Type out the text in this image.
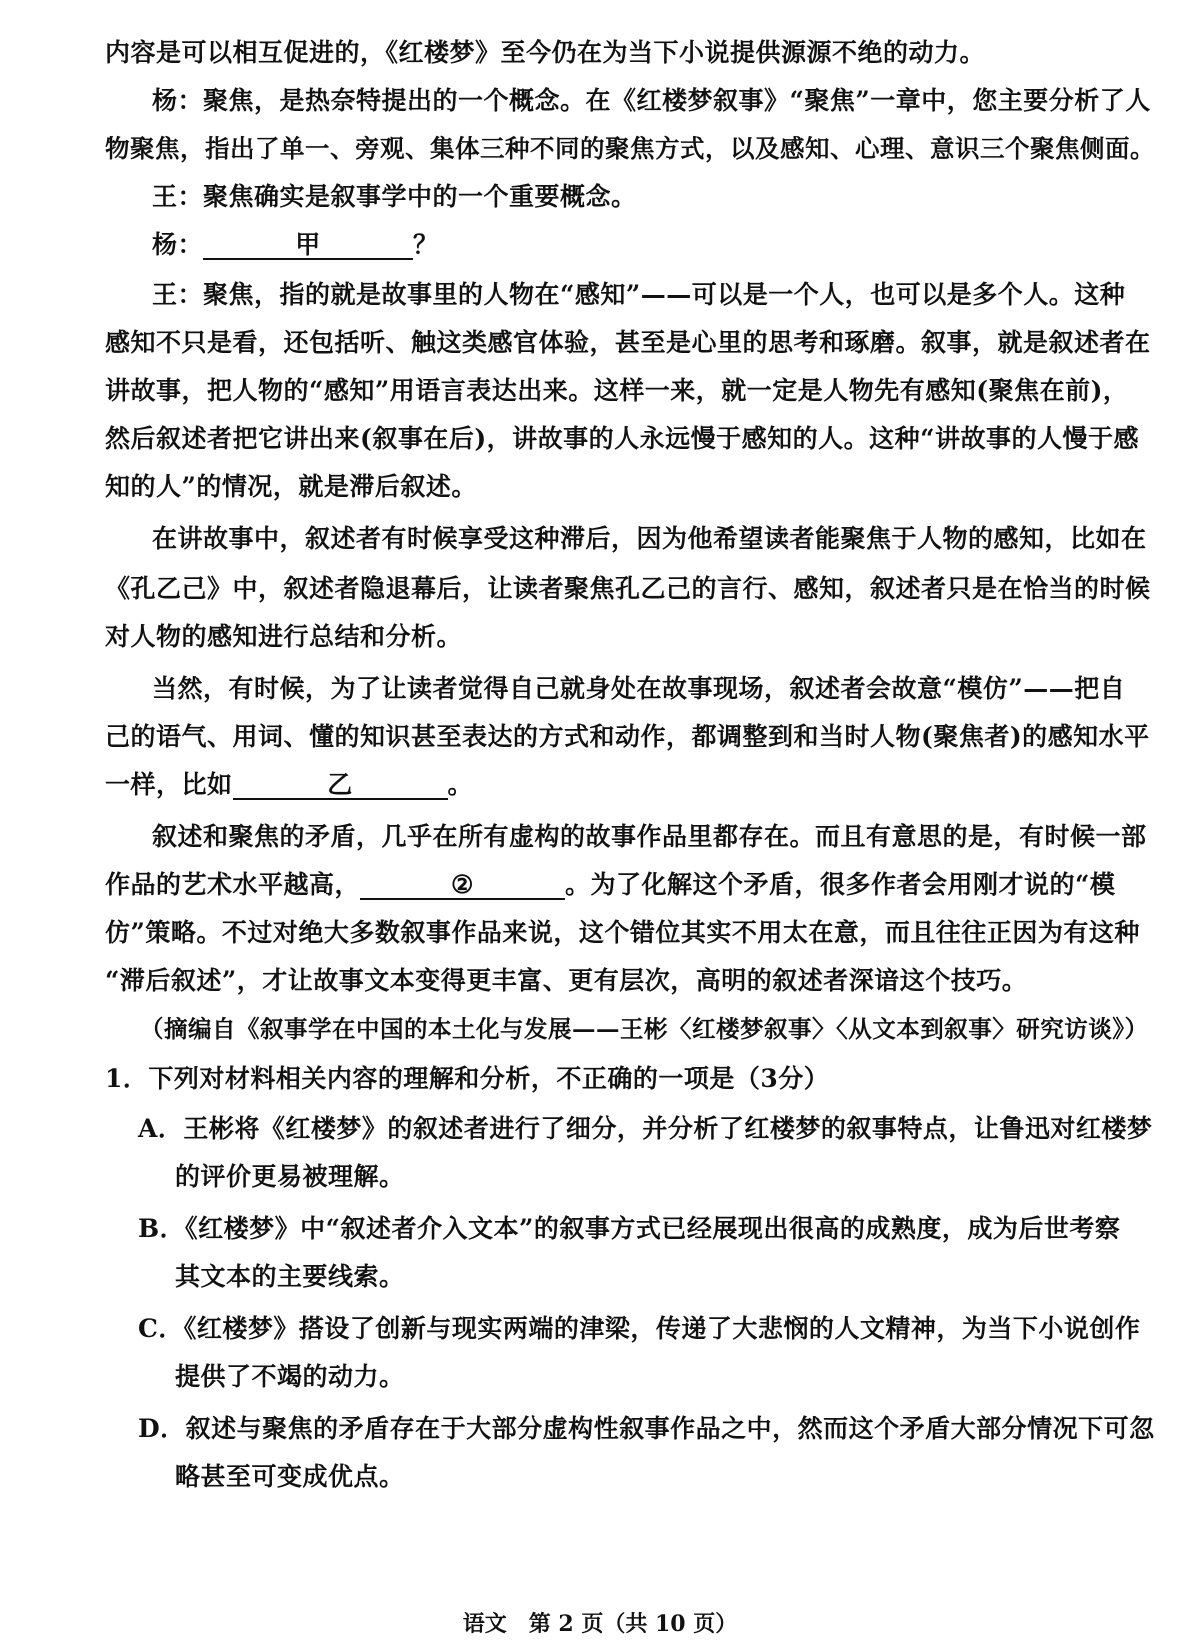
内容是可以相互促进的，《红楼梦》至今仍在为当下小说提供源源不绝的动力。
杨：聚焦，是热奈特提出的一个概念。在《红楼梦叙事》“聚焦”一章中，您主要分析了人
物聚焦，指出了单一、旁观、集体三种不同的聚焦方式，以及感知、心理、意识三个聚焦侧面。
王：聚焦确实是叙事学中的一个重要概念。
杨：	甲	？
王：聚焦，指的就是故事里的人物在“感知”——可以是一个人，也可以是多个人。这种
感知不只是看，还包括听、触这类感官体验，甚至是心里的思考和琢磨。叙事，就是叙述者在
讲故事，把人物的“感知”用语言表达出来。这样一来，就一定是人物先有感知(聚焦在前)，
然后叙述者把它讲出来(叙事在后)，讲故事的人永远慢于感知的人。这种“讲故事的人慢于感
知的人”的情况，就是滞后叙述。
在讲故事中，叙述者有时候享受这种滞后，因为他希望读者能聚焦于人物的感知，比如在
《孔乙己》中，叙述者隐退幕后，让读者聚焦孔乙己的言行、感知，叙述者只是在恰当的时候
对人物的感知进行总结和分析。
当然，有时候，为了让读者觉得自己就身处在故事现场，叙述者会故意“模仿”——把自
己的语气、用词、懂的知识甚至表达的方式和动作，都调整到和当时人物(聚焦者)的感知水平
一样，比如	乙	。
叙述和聚焦的矛盾，几乎在所有虚构的故事作品里都存在。而且有意思的是，有时候一部
作品的艺术水平越高，	②	。为了化解这个矛盾，很多作者会用刚才说的“模
仿”策略。不过对绝大多数叙事作品来说，这个错位其实不用太在意，而且往往正因为有这种
“滞后叙述”，才让故事文本变得更丰富、更有层次，高明的叙述者深谙这个技巧。
（摘编自《叙事学在中国的本土化与发展——王彬〈红楼梦叙事〉〈从文本到叙事〉研究访谈》）
1．下列对材料相关内容的理解和分析，不正确的一项是（3分）
A．王彬将《红楼梦》的叙述者进行了细分，并分析了红楼梦的叙事特点，让鲁迅对红楼梦
的评价更易被理解。
B．《红楼梦》中“叙述者介入文本”的叙事方式已经展现出很高的成熟度，成为后世考察
其文本的主要线索。
C．《红楼梦》搭设了创新与现实两端的津梁，传递了大悲悯的人文精神，为当下小说创作
提供了不竭的动力。
D．叙述与聚焦的矛盾存在于大部分虚构性叙事作品之中，然而这个矛盾大部分情况下可忽
略甚至可变成优点。
语文　第 2 页（共 10 页）
